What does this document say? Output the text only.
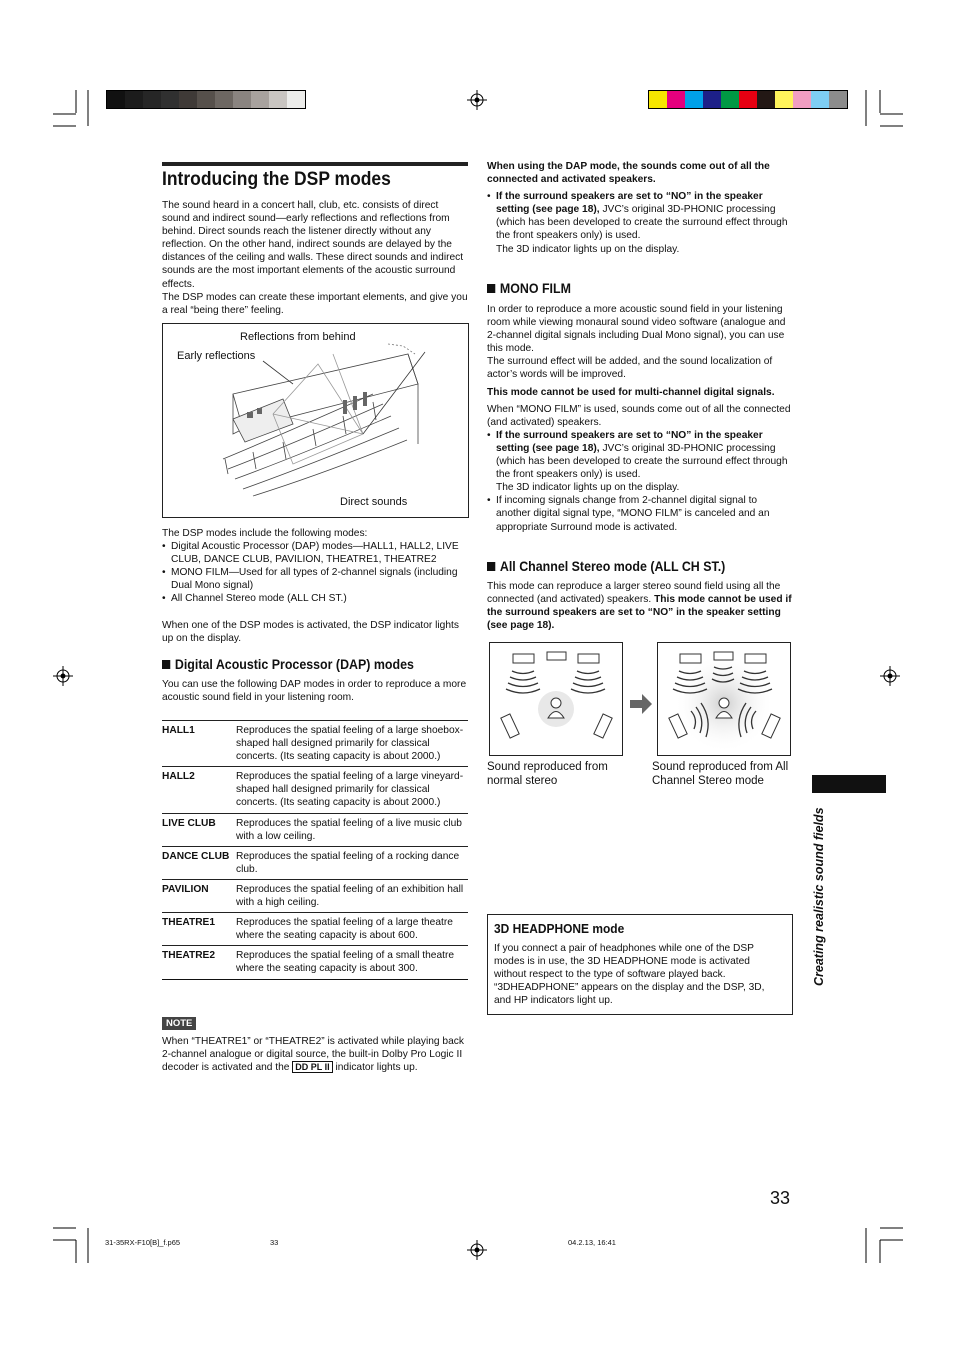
Introducing the DSP modes

The sound heard in a concert hall, club, etc. consists of direct sound and indirect sound—early reflections and reflections from behind. Direct sounds reach the listener directly without any reflection. On the other hand, indirect sounds are delayed by the distances of the ceiling and walls. These direct sounds and indirect sounds are the most important elements of the acoustic surround effects.

The DSP modes can create these important elements, and give you a real “being there” feeling.

Reflections from behind
Early reflections
Direct sounds

The DSP modes include the following modes:

• Digital Acoustic Processor (DAP) modes—HALL1, HALL2, LIVE CLUB, DANCE CLUB, PAVILION, THEATRE1, THEATRE2
• MONO FILM—Used for all types of 2-channel signals (including Dual Mono signal)
• All Channel Stereo mode (ALL CH ST.)

When one of the DSP modes is activated, the DSP indicator lights up on the display.

Digital Acoustic Processor (DAP) modes

You can use the following DAP modes in order to reproduce a more acoustic sound field in your listening room.

HALL1	Reproduces the spatial feeling of a large shoebox-shaped hall designed primarily for classical concerts. (Its seating capacity is about 2000.)
HALL2	Reproduces the spatial feeling of a large vineyard-shaped hall designed primarily for classical concerts. (Its seating capacity is about 2000.)
LIVE CLUB	Reproduces the spatial feeling of a live music club with a low ceiling.
DANCE CLUB	Reproduces the spatial feeling of a rocking dance club.
PAVILION	Reproduces the spatial feeling of an exhibition hall with a high ceiling.
THEATRE1	Reproduces the spatial feeling of a large theatre where the seating capacity is about 600.
THEATRE2	Reproduces the spatial feeling of a small theatre where the seating capacity is about 300.
NOTE

When “THEATRE1” or “THEATRE2” is activated while playing back 2-channel analogue or digital source, the built-in Dolby Pro Logic II decoder is activated and the DD PL II indicator lights up.

When using the DAP mode, the sounds come out of all the connected and activated speakers.

• If the surround speakers are set to “NO” in the speaker setting (see page 18), JVC’s original 3D-PHONIC processing (which has been developed to create the surround effect through the front speakers only) is used.
The 3D indicator lights up on the display.
MONO FILM

In order to reproduce a more acoustic sound field in your listening room while viewing monaural sound video software (analogue and 2-channel digital signals including Dual Mono signal), you can use this mode.

The surround effect will be added, and the sound localization of actor’s words will be improved.

This mode cannot be used for multi-channel digital signals.

When “MONO FILM” is used, sounds come out of all the connected (and activated) speakers.

• If the surround speakers are set to “NO” in the speaker setting (see page 18), JVC’s original 3D-PHONIC processing (which has been developed to create the surround effect through the front speakers only) is used.
The 3D indicator lights up on the display.
• If incoming signals change from 2-channel digital signal to another digital signal type, “MONO FILM” is canceled and an appropriate Surround mode is activated.
All Channel Stereo mode (ALL CH ST.)

This mode can reproduce a larger stereo sound field using all the connected (and activated) speakers. This mode cannot be used if the surround speakers are set to “NO” in the speaker setting (see page 18).

Sound reproduced from normal stereo
Sound reproduced from All Channel Stereo mode
3D HEADPHONE mode

If you connect a pair of headphones while one of the DSP modes is in use, the 3D HEADPHONE mode is activated without respect to the type of software played back. “3DHEADPHONE” appears on the display and the DSP, 3D, and HP indicators light up.

Creating realistic sound fields
33
31-35RX-F10[B]_f.p65	33	04.2.13, 16:41
